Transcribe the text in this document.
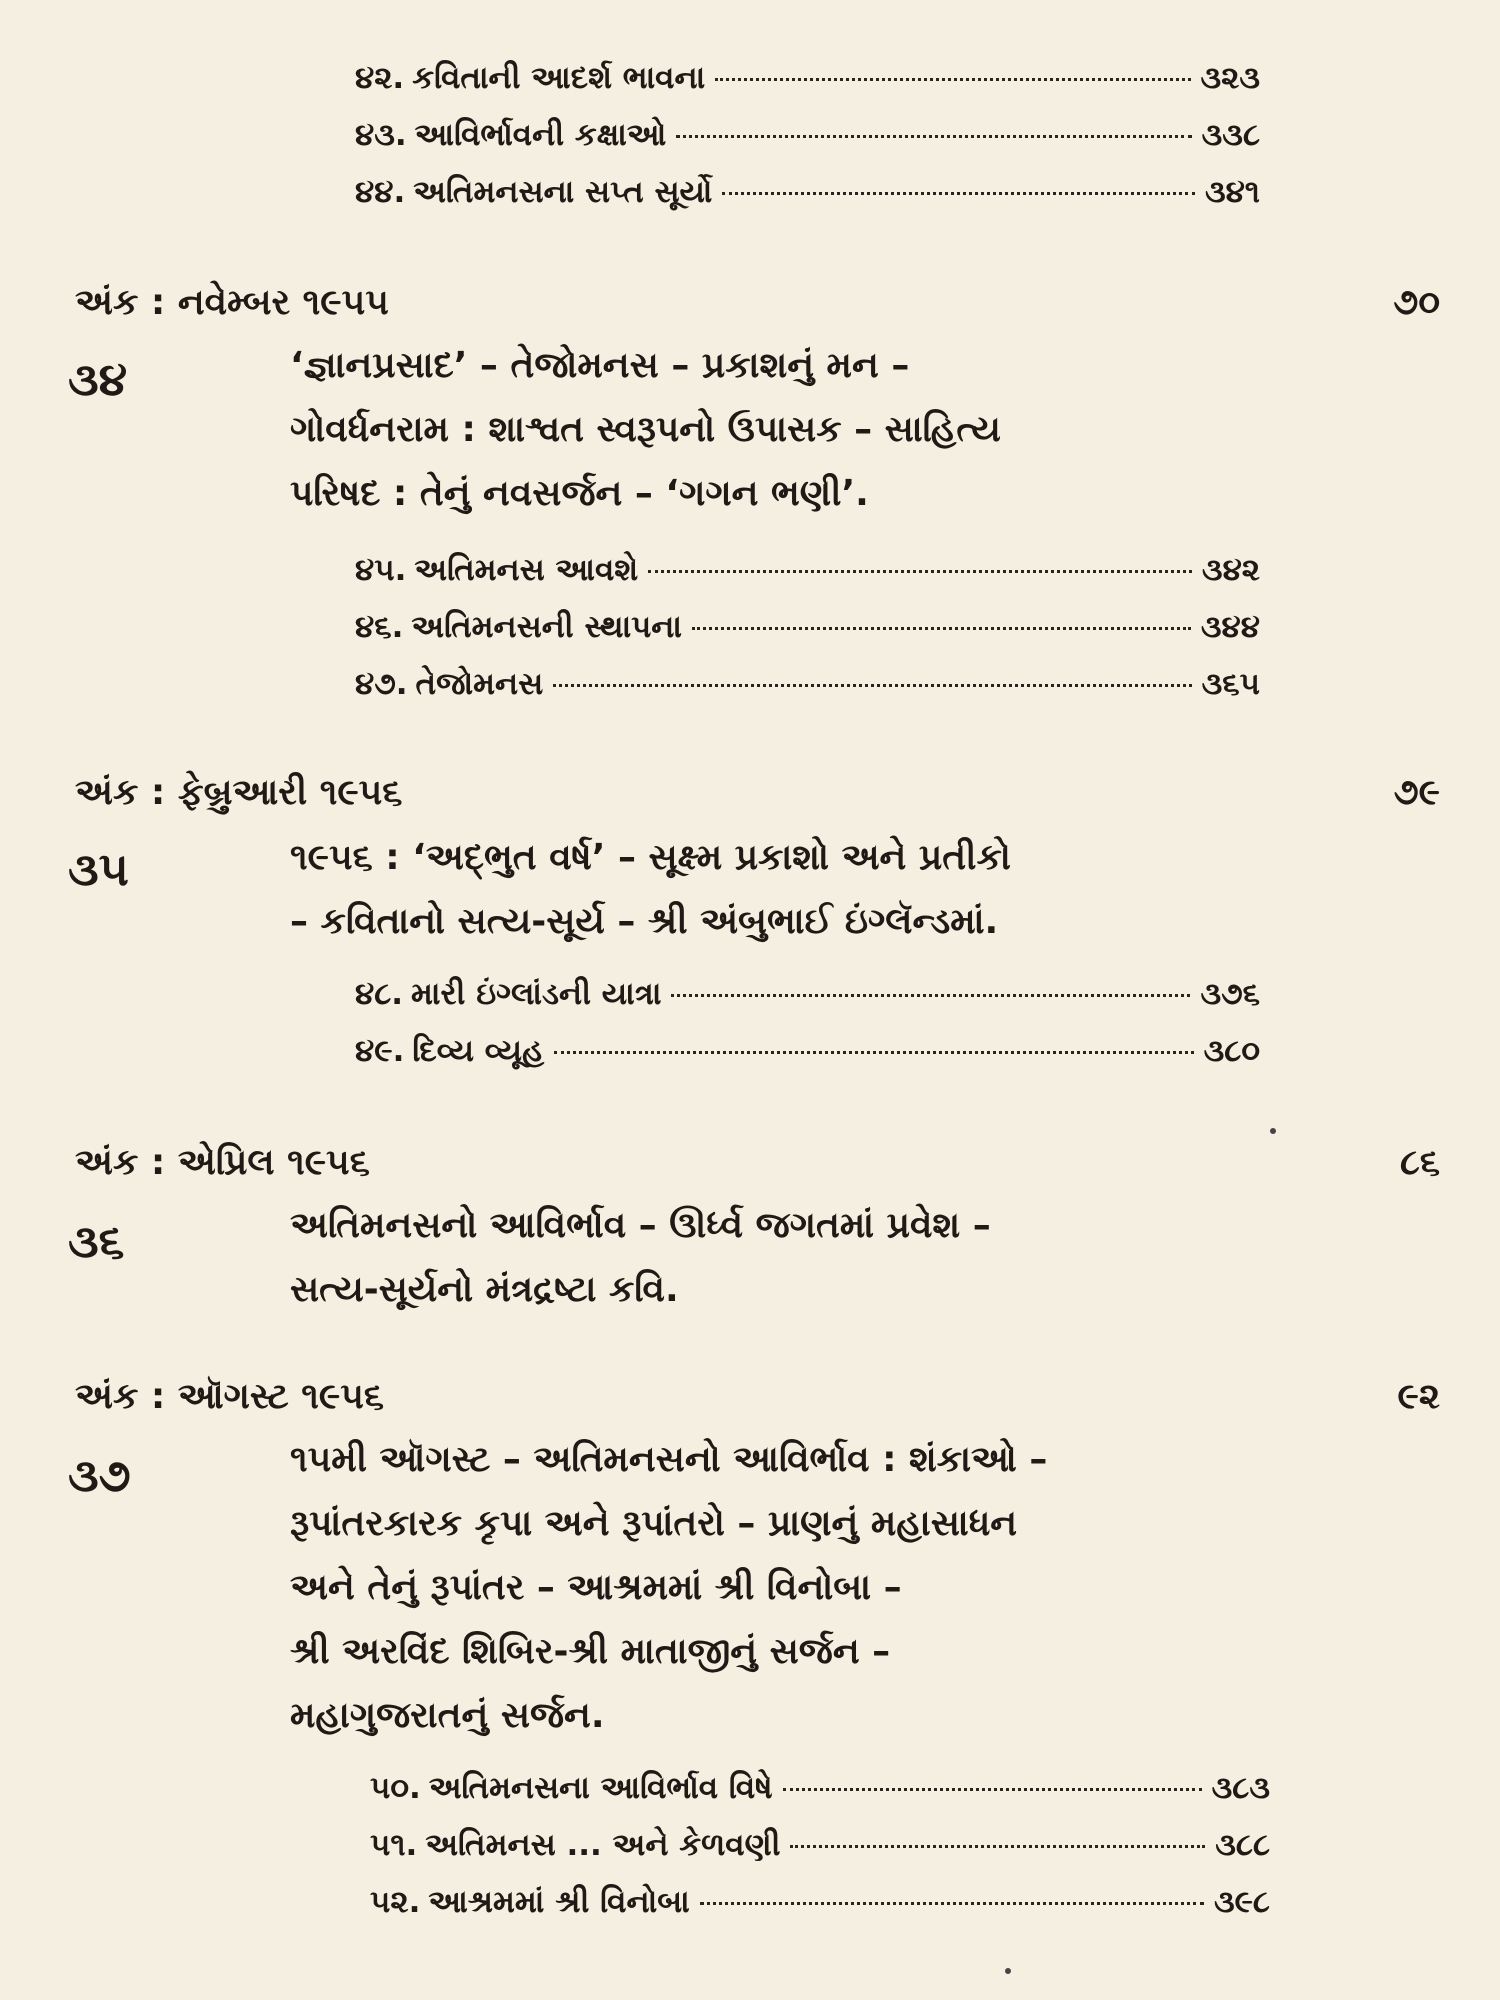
૪૨. કવિતાની આદર્શ ભાવના	૩૨૩
૪૩. આવિર્ભાવની કક્ષાઓ	૩૩૮
૪૪. અતિમનસના સપ્ત સૂર્યો	૩૪૧
અંક : નવેમ્બર ૧૯૫૫	૭૦
૩૪	‘જ્ઞાનપ્રસાદ’ – તેજોમનસ – પ્રકાશનું મન –
ગોવર્ધનરામ : શાશ્વત સ્વરૂપનો ઉપાસક – સાહિત્ય
પરિષદ : તેનું નવસર્જન – ‘ગગન ભણી’.
૪૫. અતિમનસ આવશે	૩૪૨
૪૬. અતિમનસની સ્થાપના	૩૪૪
૪૭. તેજોમનસ	૩૬૫
અંક : ફેબ્રુઆરી ૧૯૫૬	૭૯
૩૫	૧૯૫૬ : ‘અદ્‌ભુત વર્ષ’ – સૂક્ષ્મ પ્રકાશો અને પ્રતીકો
– કવિતાનો સત્ય-સૂર્ય – શ્રી અંબુભાઈ ઇંગ્લૅન્ડમાં.
૪૮. મારી ઇંગ્લાંડની યાત્રા	૩૭૬
૪૯. દિવ્ય વ્યૂહ	૩૮૦
અંક : એપ્રિલ ૧૯૫૬	૮૬
૩૬	અતિમનસનો આવિર્ભાવ – ઊર્ધ્વ જગતમાં પ્રવેશ –
સત્ય-સૂર્યનો મંત્રદ્રષ્ટા કવિ.
અંક : ઑગસ્ટ ૧૯૫૬	૯૨
૩૭	૧૫મી ઑગસ્ટ – અતિમનસનો આવિર્ભાવ : શંકાઓ –
રૂપાંતરકારક કૃપા અને રૂપાંતરો – પ્રાણનું મહાસાધન
અને તેનું રૂપાંતર – આશ્રમમાં શ્રી વિનોબા –
શ્રી અરવિંદ શિબિર-શ્રી માતાજીનું સર્જન –
મહાગુજરાતનું સર્જન.
૫૦. અતિમનસના આવિર્ભાવ વિષે	૩૮૩
૫૧. અતિમનસ ... અને કેળવણી	૩૮૮
૫૨. આશ્રમમાં શ્રી વિનોબા	૩૯૮
